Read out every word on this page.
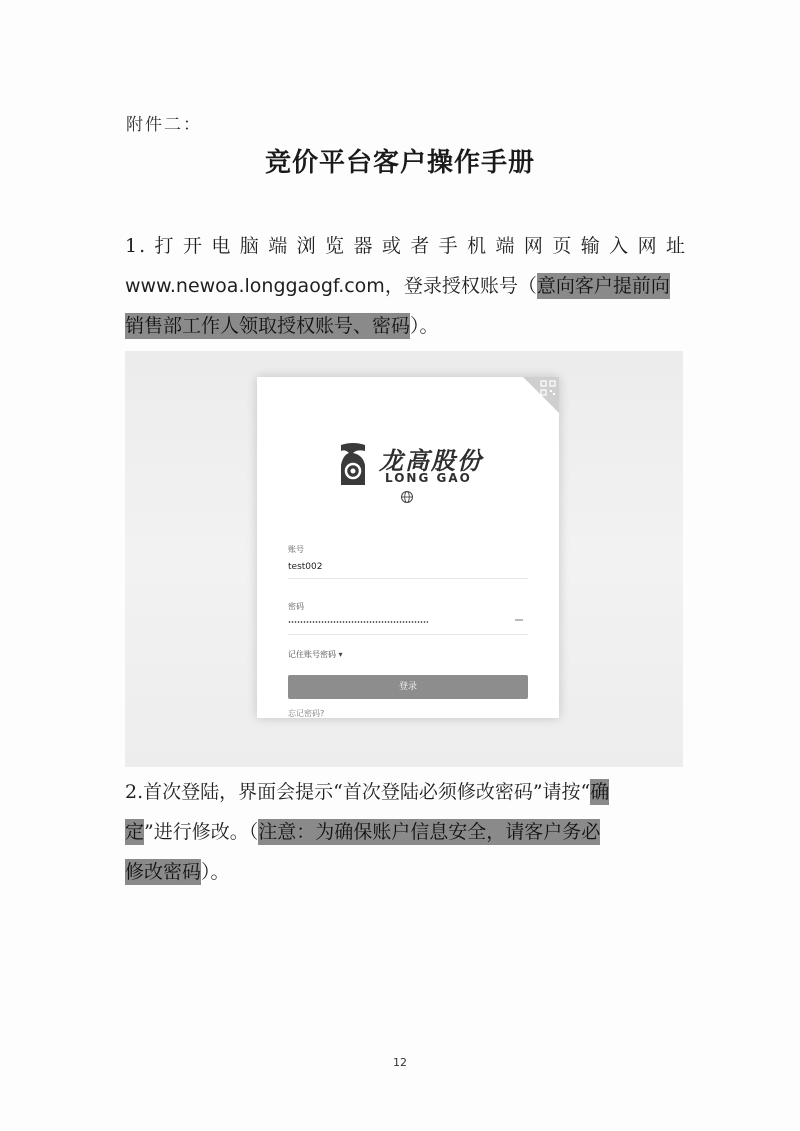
附件二：
竞价平台客户操作手册
1.打开电脑端浏览器或者手机端网页输入网址
www.newoa.longgaogf.com，登录授权账号（意向客户提前向
销售部工作人领取授权账号、密码）。
龙高股份
LONG GAO
账号
test002
密码
记住账号密码 ▾
登录
忘记密码?
2.首次登陆，界面会提示“首次登陆必须修改密码”请按“确
定”进行修改。（注意：为确保账户信息安全，请客户务必
修改密码）。
12
